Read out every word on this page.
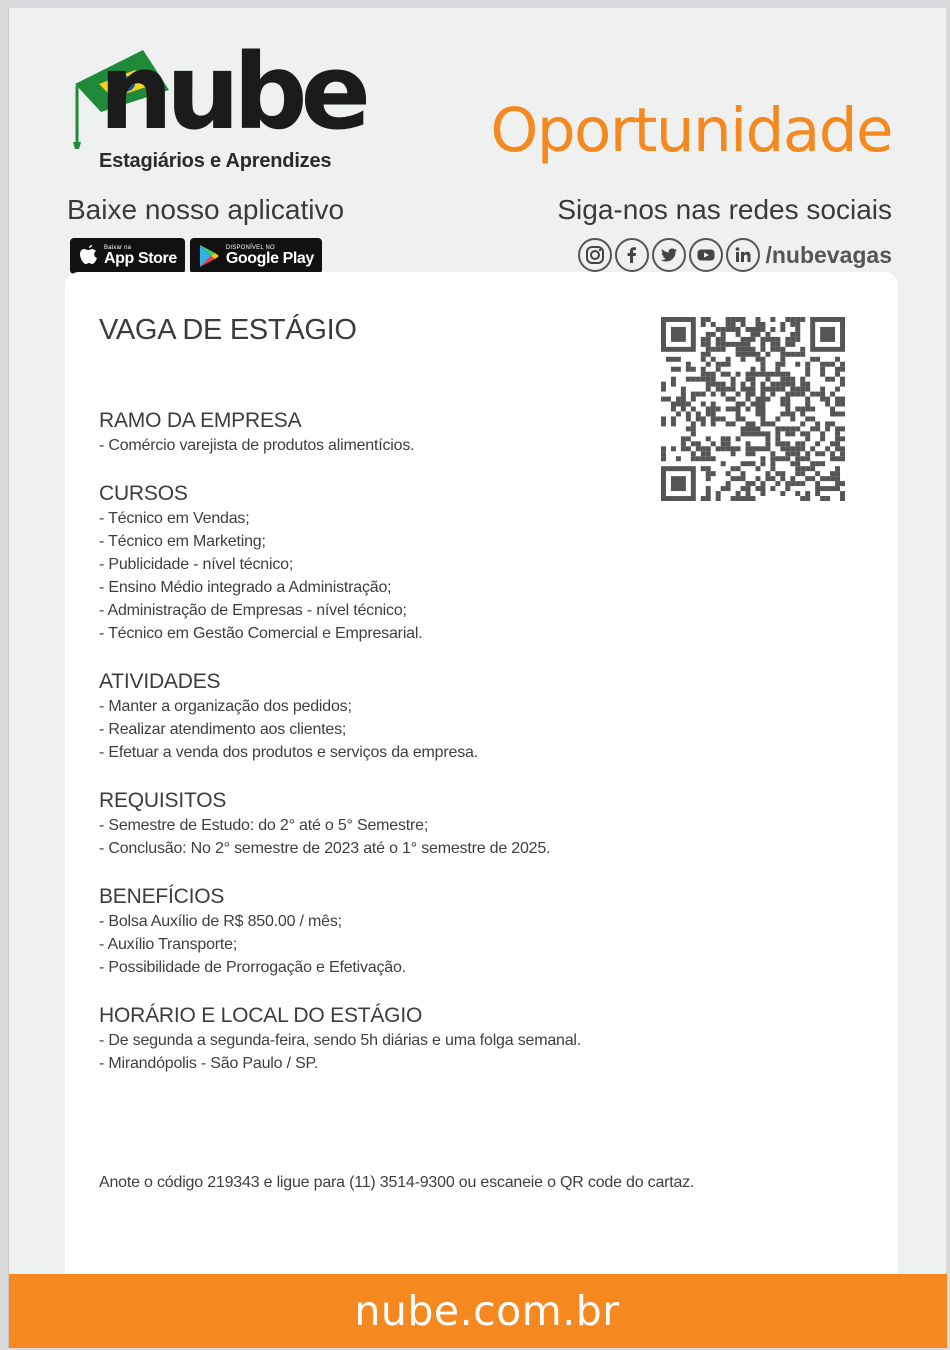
nube
Estagiários e Aprendizes	Oportunidade
Baixe nosso aplicativo	Siga-nos nas redes sociais
Baixar na
App Store
DISPONÍVEL NO
Google Play	/nubevagas
VAGA DE ESTÁGIO
RAMO DA EMPRESA
- Comércio varejista de produtos alimentícios.
CURSOS
- Técnico em Vendas;
- Técnico em Marketing;
- Publicidade - nível técnico;
- Ensino Médio integrado a Administração;
- Administração de Empresas - nível técnico;
- Técnico em Gestão Comercial e Empresarial.
ATIVIDADES
- Manter a organização dos pedidos;
- Realizar atendimento aos clientes;
- Efetuar a venda dos produtos e serviços da empresa.
REQUISITOS
- Semestre de Estudo: do 2° até o 5° Semestre;
- Conclusão: No 2° semestre de 2023 até o 1° semestre de 2025.
BENEFÍCIOS
- Bolsa Auxílio de R$ 850.00 / mês;
- Auxílio Transporte;
- Possibilidade de Prorrogação e Efetivação.
HORÁRIO E LOCAL DO ESTÁGIO
- De segunda a segunda-feira, sendo 5h diárias e uma folga semanal.
- Mirandópolis - São Paulo / SP.
Anote o código 219343 e ligue para (11) 3514-9300 ou escaneie o QR code do cartaz.
nube.com.br
